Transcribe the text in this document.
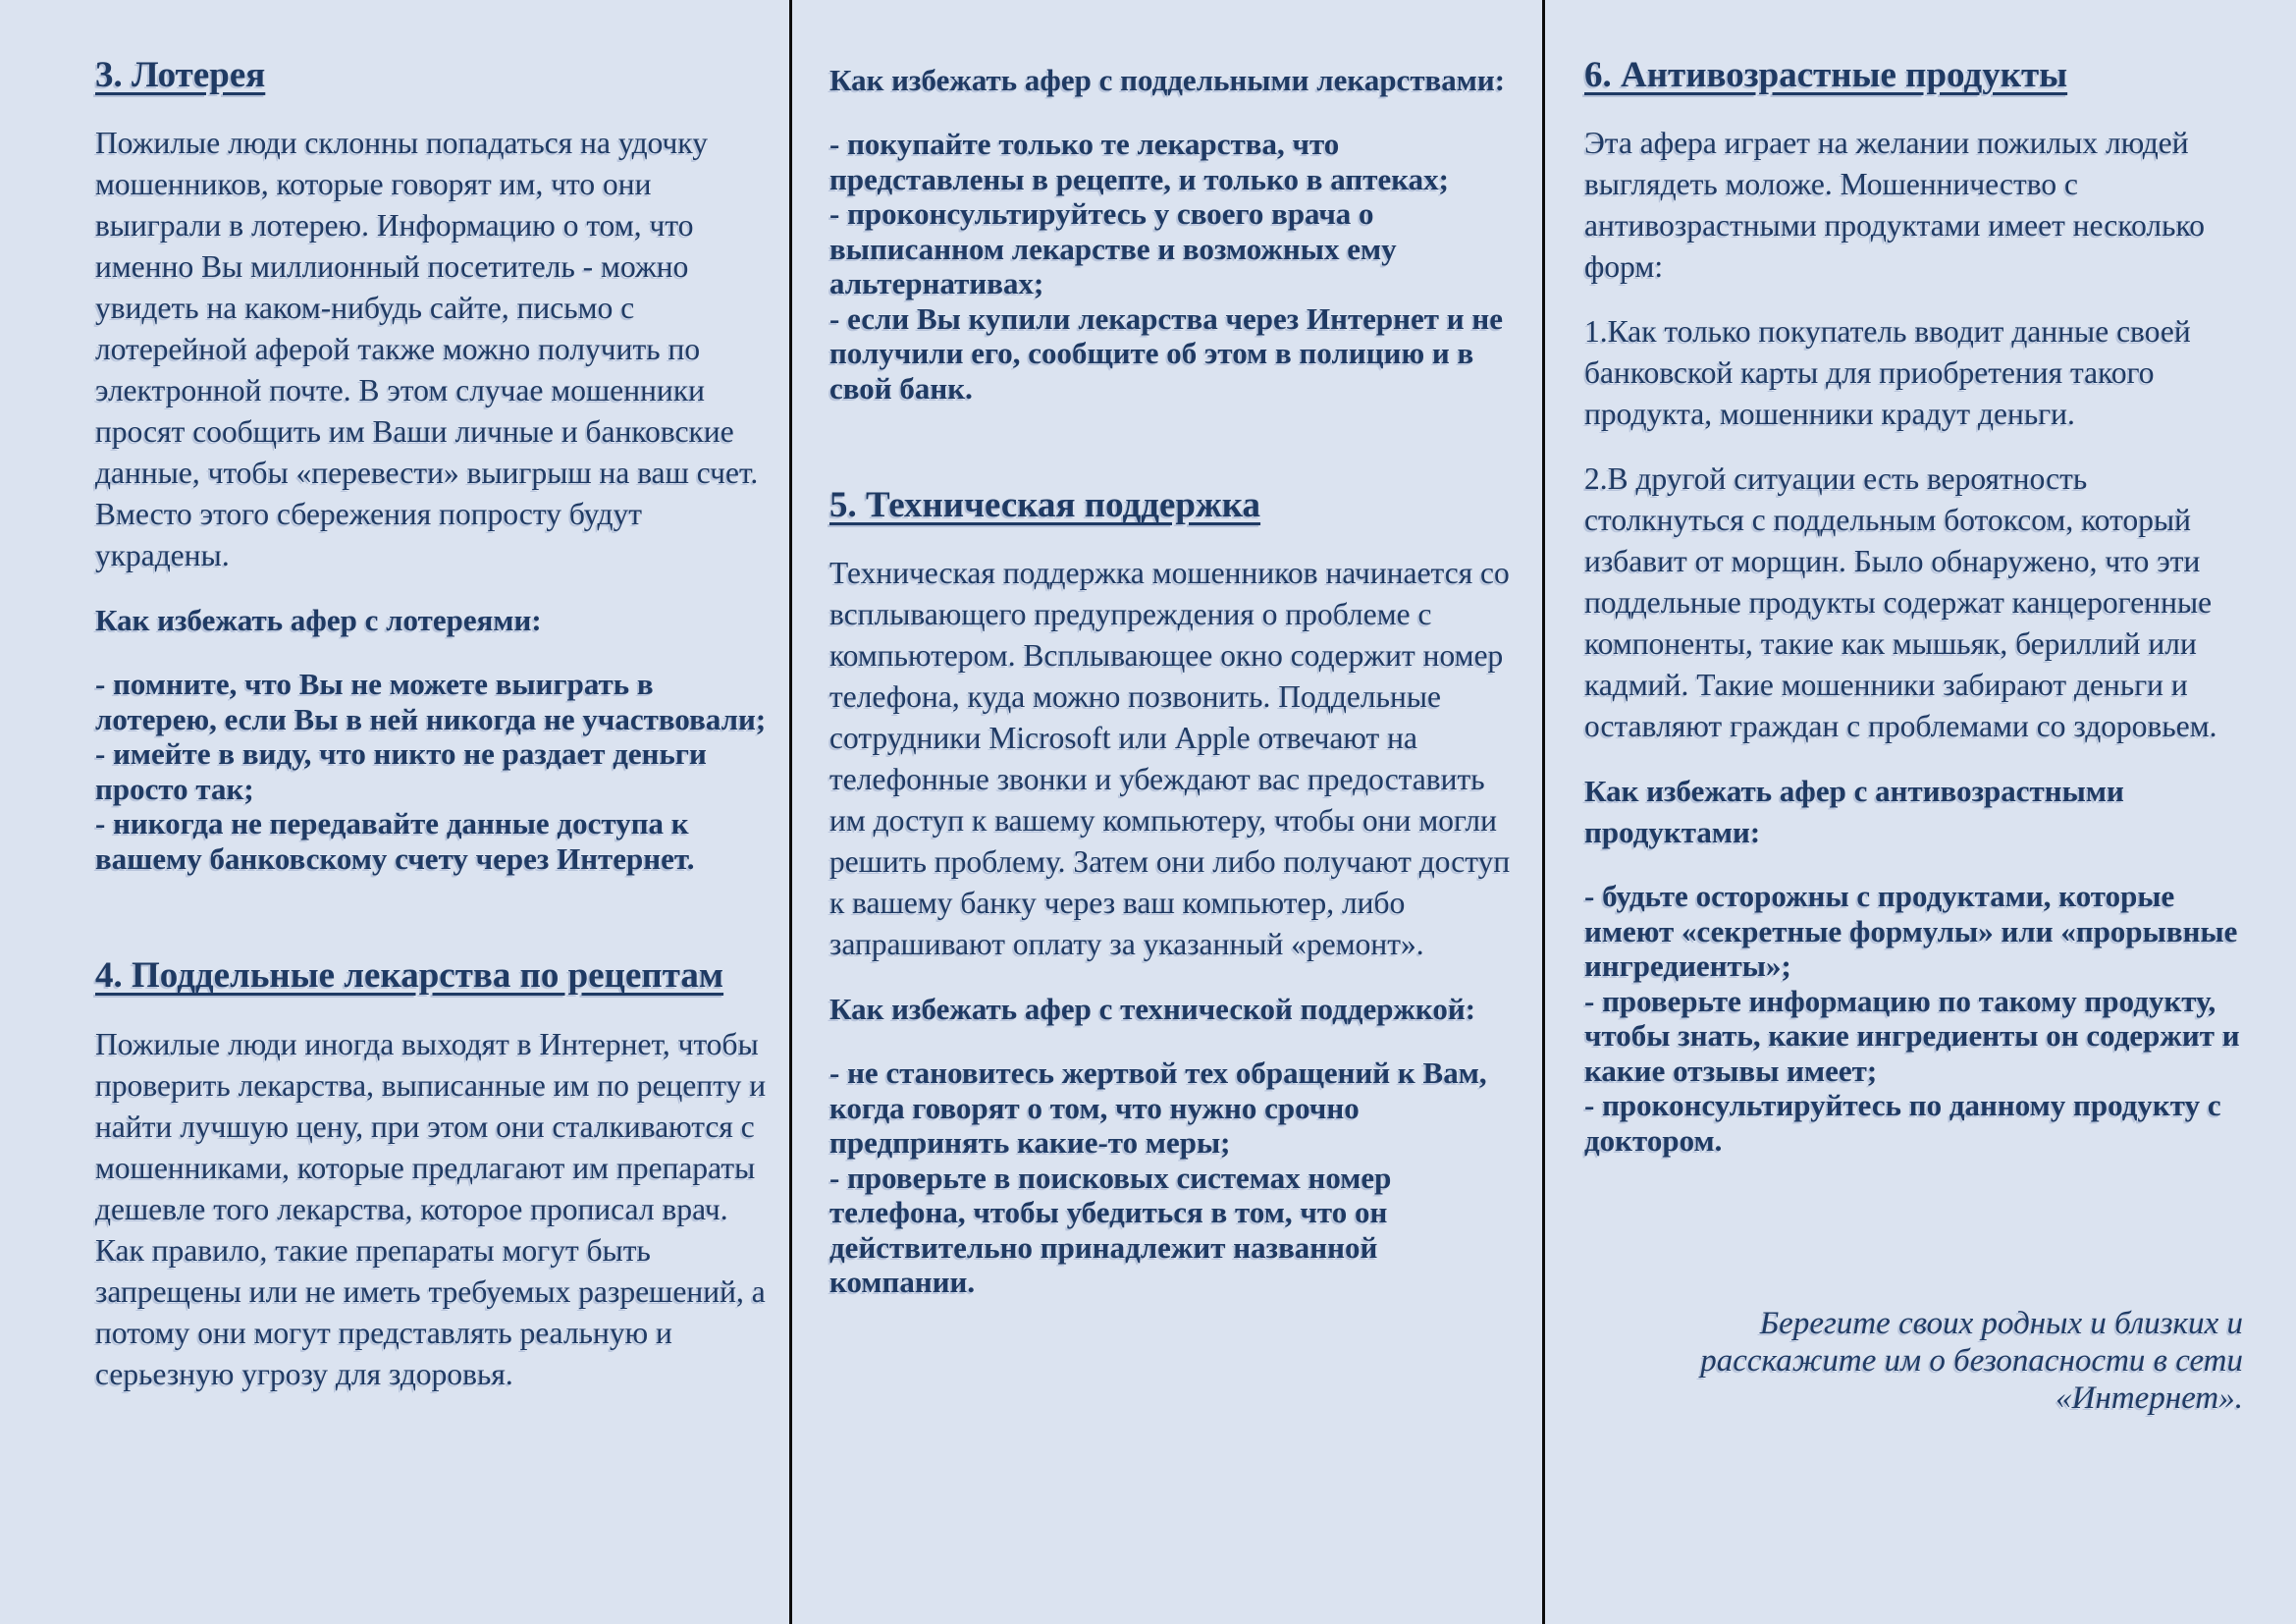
3. Лотерея

Пожилые люди склонны попадаться на удочку мошенников, которые говорят им, что они выиграли в лотерею. Информацию о том, что именно Вы миллионный посетитель - можно увидеть на каком-нибудь сайте, письмо с лотерейной аферой также можно получить по электронной почте. В этом случае мошенники просят сообщить им Ваши личные и банковские данные, чтобы «перевести» выигрыш на ваш счет. Вместо этого сбережения попросту будут украдены.

Как избежать афер с лотереями:

- помните, что Вы не можете выиграть в лотерею, если Вы в ней никогда не участвовали;

- имейте в виду, что никто не раздает деньги просто так;

- никогда не передавайте данные доступа к вашему банковскому счету через Интернет.

4. Поддельные лекарства по рецептам

Пожилые люди иногда выходят в Интернет, чтобы проверить лекарства, выписанные им по рецепту и найти лучшую цену, при этом они сталкиваются с мошенниками, которые предлагают им препараты дешевле того лекарства, которое прописал врач. Как правило, такие препараты могут быть запрещены или не иметь требуемых разрешений, а потому они могут представлять реальную и серьезную угрозу для здоровья.

Как избежать афер с поддельными лекарствами:

- покупайте только те лекарства, что представлены в рецепте, и только в аптеках;

- проконсультируйтесь у своего врача о выписанном лекарстве и возможных ему альтернативах;

- если Вы купили лекарства через Интернет и не получили его, сообщите об этом в полицию и в свой банк.

5. Техническая поддержка

Техническая поддержка мошенников начинается со всплывающего предупреждения о проблеме с компьютером. Всплывающее окно содержит номер телефона, куда можно позвонить. Поддельные сотрудники Microsoft или Apple отвечают на телефонные звонки и убеждают вас предоставить им доступ к вашему компьютеру, чтобы они могли решить проблему. Затем они либо получают доступ к вашему банку через ваш компьютер, либо запрашивают оплату за указанный «ремонт».

Как избежать афер с технической поддержкой:

- не становитесь жертвой тех обращений к Вам, когда говорят о том, что нужно срочно предпринять какие-то меры;

- проверьте в поисковых системах номер телефона, чтобы убедиться в том, что он действительно принадлежит названной компании.

6. Антивозрастные продукты

Эта афера играет на желании пожилых людей выглядеть моложе. Мошенничество с антивозрастными продуктами имеет несколько форм:

1.Как только покупатель вводит данные своей банковской карты для приобретения такого продукта, мошенники крадут деньги.

2.В другой ситуации есть вероятность столкнуться с поддельным ботоксом, который избавит от морщин. Было обнаружено, что эти поддельные продукты содержат канцерогенные компоненты, такие как мышьяк, бериллий или кадмий. Такие мошенники забирают деньги и оставляют граждан с проблемами со здоровьем.

Как избежать афер с антивозрастными продуктами:

- будьте осторожны с продуктами, которые имеют «секретные формулы» или «прорывные ингредиенты»;

- проверьте информацию по такому продукту, чтобы знать, какие ингредиенты он содержит и какие отзывы имеет;

- проконсультируйтесь по данному продукту с доктором.

Берегите своих родных и близких и расскажите им о безопасности в сети «Интернет».
